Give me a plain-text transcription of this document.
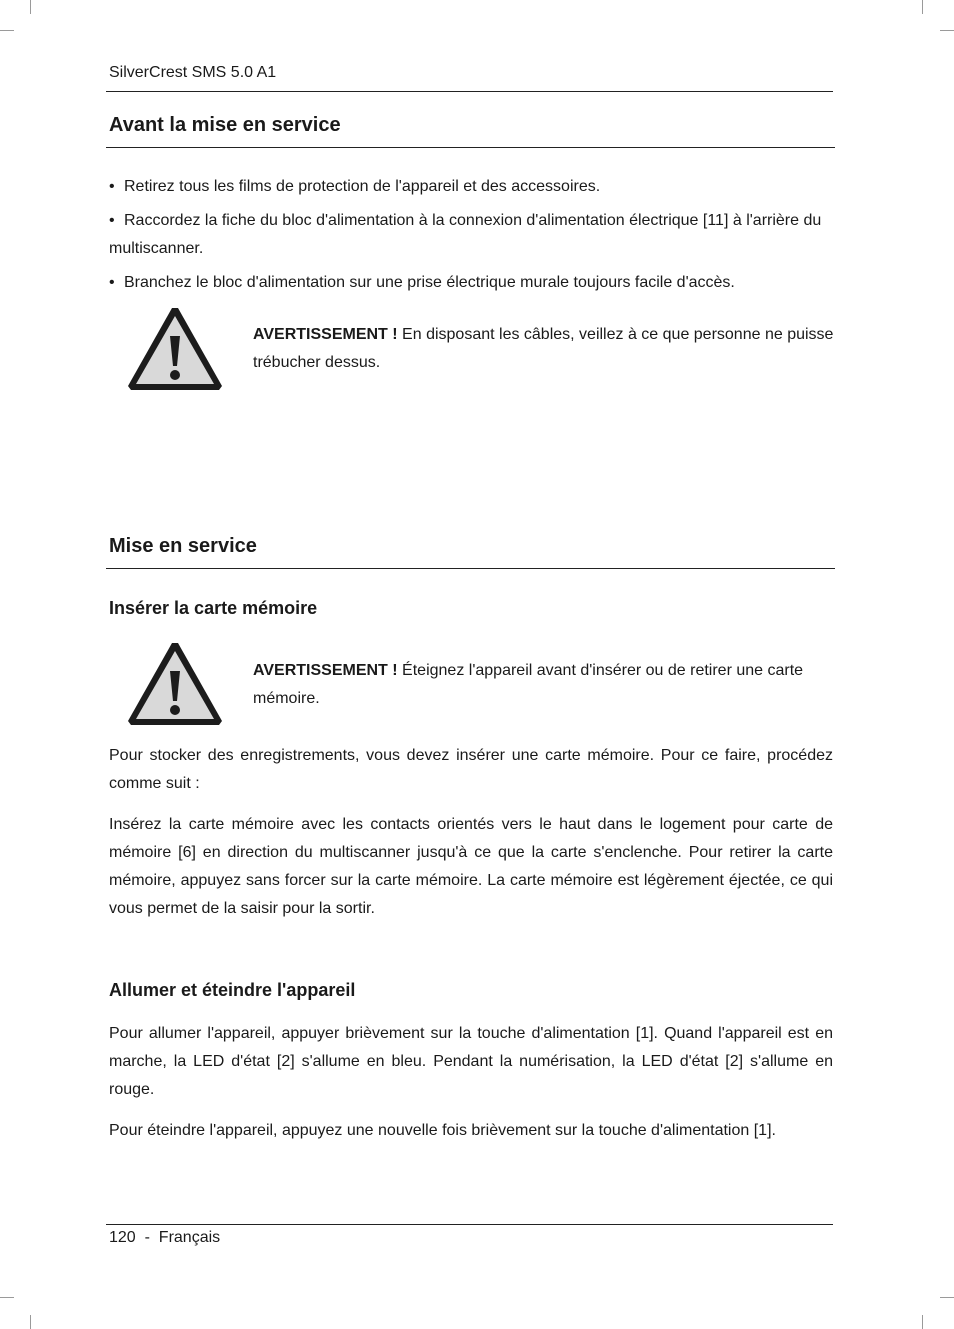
SilverCrest SMS 5.0 A1
Avant la mise en service
• Retirez tous les films de protection de l'appareil et des accessoires.
• Raccordez la fiche du bloc d'alimentation à la connexion d'alimentation électrique [11] à l'arrière du multiscanner.
• Branchez le bloc d'alimentation sur une prise électrique murale toujours facile d'accès.
AVERTISSEMENT ! En disposant les câbles, veillez à ce que personne ne puisse trébucher dessus.
Mise en service
Insérer la carte mémoire
AVERTISSEMENT ! Éteignez l'appareil avant d'insérer ou de retirer une carte mémoire.

Pour stocker des enregistrements, vous devez insérer une carte mémoire. Pour ce faire, procédez comme suit :

Insérez la carte mémoire avec les contacts orientés vers le haut dans le logement pour carte de mémoire [6] en direction du multiscanner jusqu'à ce que la carte s'enclenche. Pour retirer la carte mémoire, appuyez sans forcer sur la carte mémoire. La carte mémoire est légèrement éjectée, ce qui vous permet de la saisir pour la sortir.

Allumer et éteindre l'appareil

Pour allumer l'appareil, appuyer brièvement sur la touche d'alimentation [1]. Quand l'appareil est en marche, la LED d'état [2] s'allume en bleu. Pendant la numérisation, la LED d'état [2] s'allume en rouge.

Pour éteindre l'appareil, appuyez une nouvelle fois brièvement sur la touche d'alimentation [1].

120  -  Français
